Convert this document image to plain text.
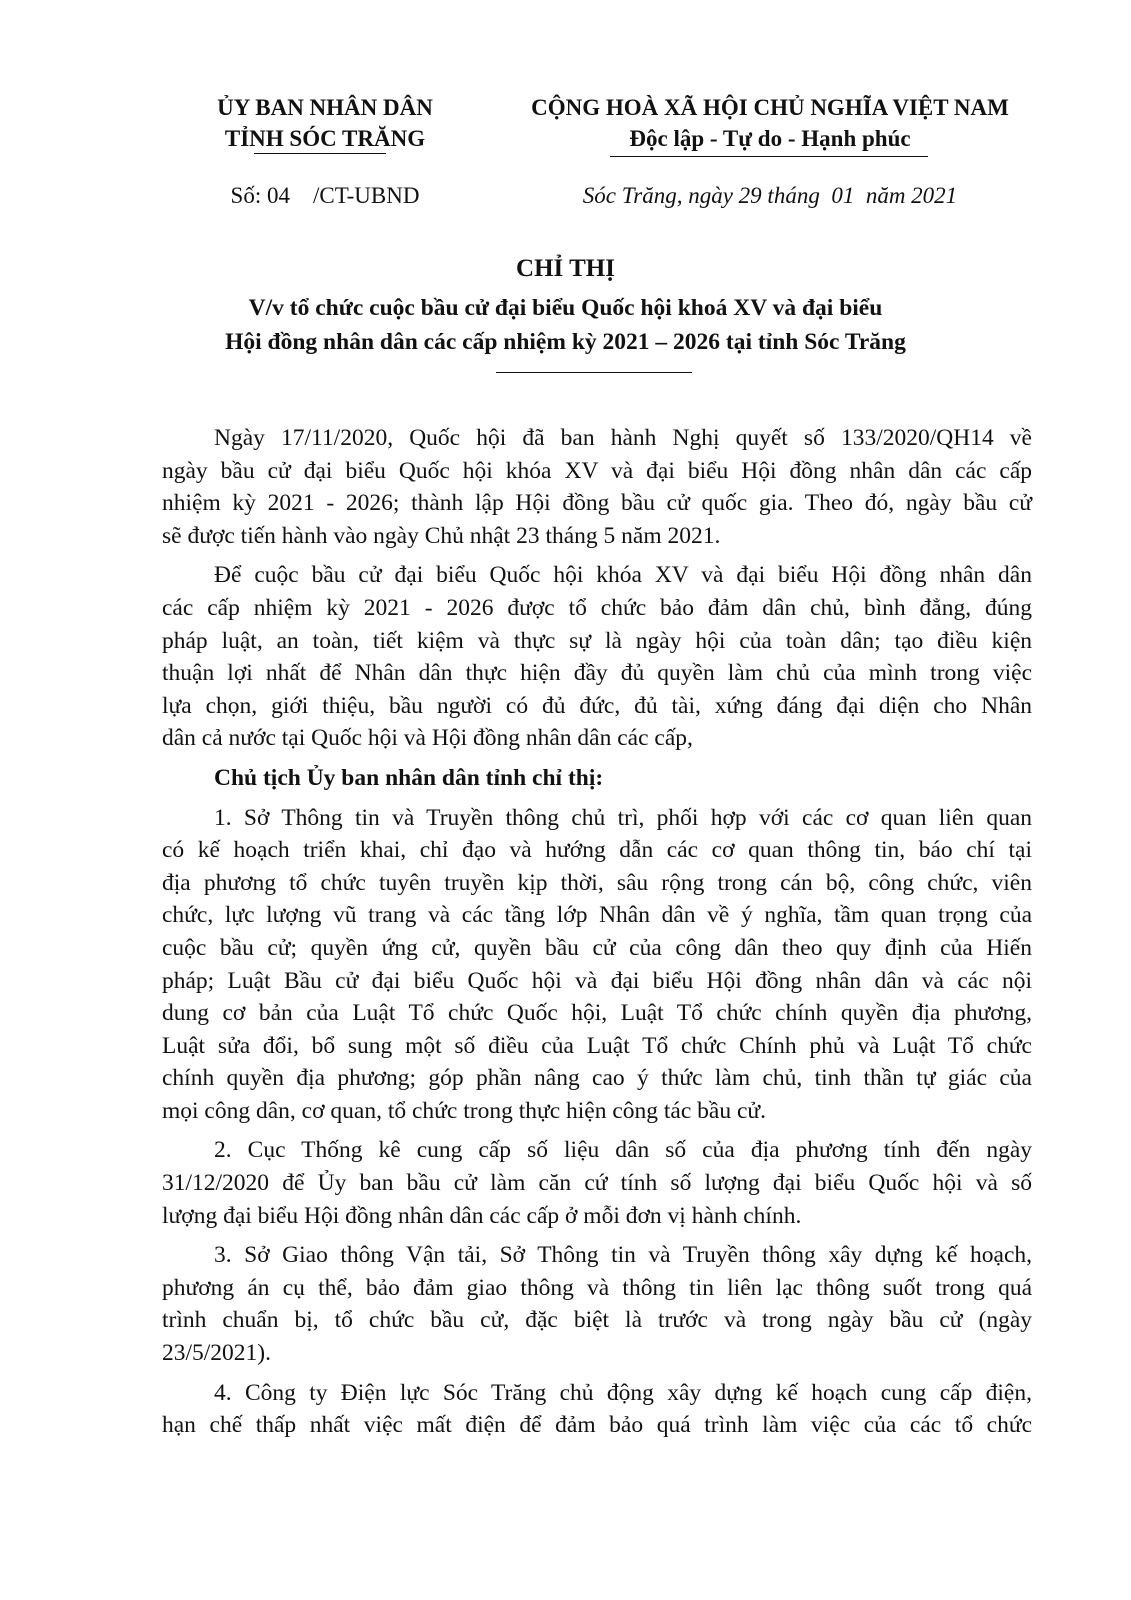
ỦY BAN NHÂN DÂN
TỈNH SÓC TRĂNG
CỘNG HOÀ XÃ HỘI CHỦ NGHĨA VIỆT NAM
Độc lập - Tự do - Hạnh phúc
Số: 04    /CT-UBND	Sóc Trăng, ngày 29 tháng  01  năm 2021
CHỈ THỊ
V/v tổ chức cuộc bầu cử đại biểu Quốc hội khoá XV và đại biểu
Hội đồng nhân dân các cấp nhiệm kỳ 2021 – 2026 tại tỉnh Sóc Trăng
Ngày 17/11/2020, Quốc hội đã ban hành Nghị quyết số 133/2020/QH14 về
ngày bầu cử đại biểu Quốc hội khóa XV và đại biểu Hội đồng nhân dân các cấp
nhiệm kỳ 2021 - 2026; thành lập Hội đồng bầu cử quốc gia. Theo đó, ngày bầu cử
sẽ được tiến hành vào ngày Chủ nhật 23 tháng 5 năm 2021.
Để cuộc bầu cử đại biểu Quốc hội khóa XV và đại biểu Hội đồng nhân dân
các cấp nhiệm kỳ 2021 - 2026 được tổ chức bảo đảm dân chủ, bình đẳng, đúng
pháp luật, an toàn, tiết kiệm và thực sự là ngày hội của toàn dân; tạo điều kiện
thuận lợi nhất để Nhân dân thực hiện đầy đủ quyền làm chủ của mình trong việc
lựa chọn, giới thiệu, bầu người có đủ đức, đủ tài, xứng đáng đại diện cho Nhân
dân cả nước tại Quốc hội và Hội đồng nhân dân các cấp,
Chủ tịch Ủy ban nhân dân tỉnh chỉ thị:
1. Sở Thông tin và Truyền thông chủ trì, phối hợp với các cơ quan liên quan
có kế hoạch triển khai, chỉ đạo và hướng dẫn các cơ quan thông tin, báo chí tại
địa phương tổ chức tuyên truyền kịp thời, sâu rộng trong cán bộ, công chức, viên
chức, lực lượng vũ trang và các tầng lớp Nhân dân về ý nghĩa, tầm quan trọng của
cuộc bầu cử; quyền ứng cử, quyền bầu cử của công dân theo quy định của Hiến
pháp; Luật Bầu cử đại biểu Quốc hội và đại biểu Hội đồng nhân dân và các nội
dung cơ bản của Luật Tổ chức Quốc hội, Luật Tổ chức chính quyền địa phương,
Luật sửa đổi, bổ sung một số điều của Luật Tổ chức Chính phủ và Luật Tổ chức
chính quyền địa phương; góp phần nâng cao ý thức làm chủ, tinh thần tự giác của
mọi công dân, cơ quan, tổ chức trong thực hiện công tác bầu cử.
2. Cục Thống kê cung cấp số liệu dân số của địa phương tính đến ngày
31/12/2020 để Ủy ban bầu cử làm căn cứ tính số lượng đại biểu Quốc hội và số
lượng đại biểu Hội đồng nhân dân các cấp ở mỗi đơn vị hành chính.
3. Sở Giao thông Vận tải, Sở Thông tin và Truyền thông xây dựng kế hoạch,
phương án cụ thể, bảo đảm giao thông và thông tin liên lạc thông suốt trong quá
trình chuẩn bị, tổ chức bầu cử, đặc biệt là trước và trong ngày bầu cử (ngày
23/5/2021).
4. Công ty Điện lực Sóc Trăng chủ động xây dựng kế hoạch cung cấp điện,
hạn chế thấp nhất việc mất điện để đảm bảo quá trình làm việc của các tổ chức
